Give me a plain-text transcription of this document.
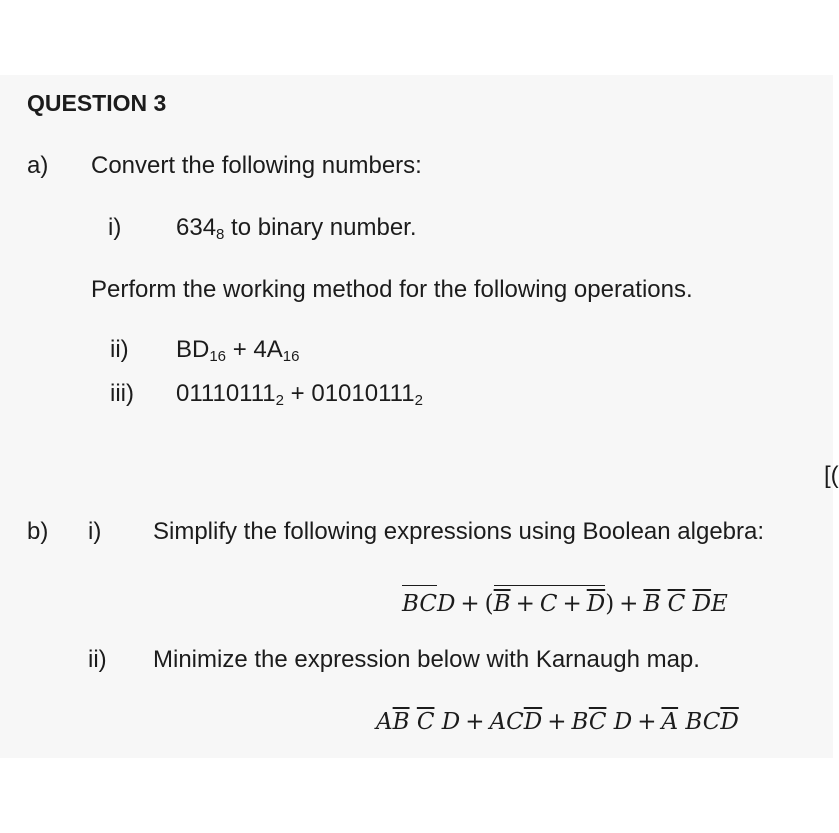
QUESTION 3
a) Convert the following numbers:
i) $634_8$ to binary number.
Perform the working method for the following operations.
ii) $BD_{16} + 4A_{16}$
iii) $01110111_2 + 01010111_2$
[(
b) i) Simplify the following expressions using Boolean algebra:
BCD + $(\overline{B} + C + \overline{D}) + \overline{B}$ $\overline{C}$ $\overline{D}E$
ii) Minimize the expression below with Karnaugh map.
$A\overline{B}$ $\overline{C}$ $D + AC\overline{D} + B\overline{C}$ $D + \overline{A}$ $BC\overline{D}$
